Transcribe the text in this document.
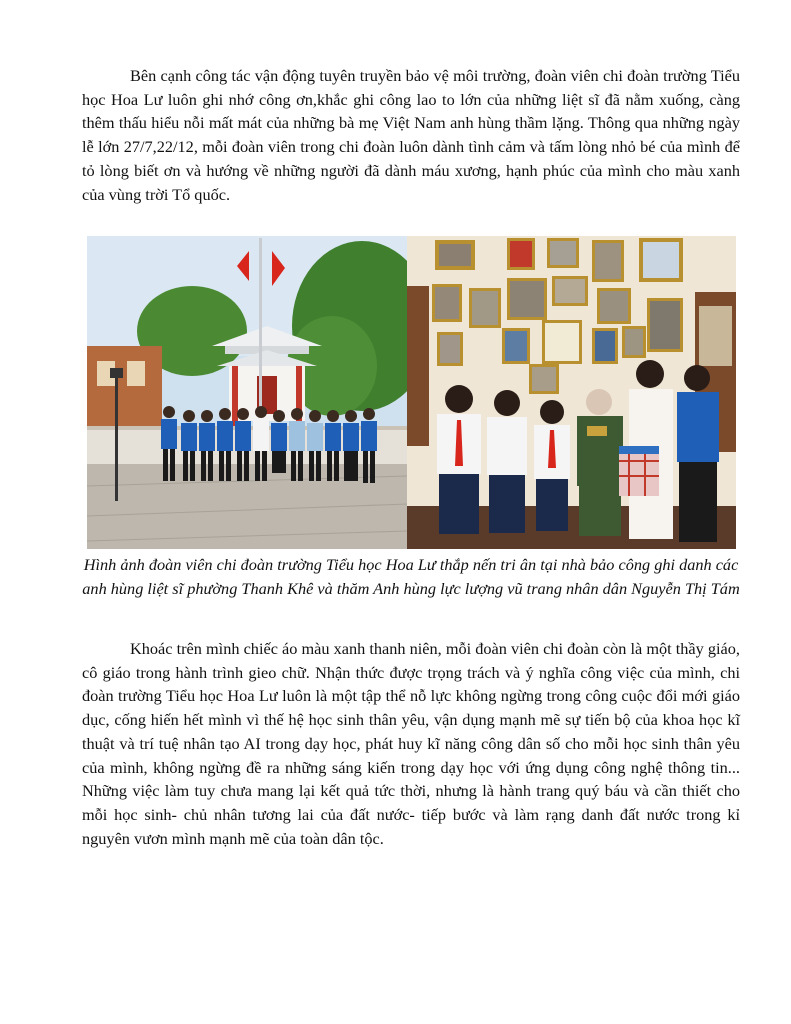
Bên cạnh công tác vận động tuyên truyền bảo vệ môi trường, đoàn viên chi đoàn trường Tiểu học Hoa Lư luôn ghi nhớ công ơn,khắc ghi công lao to lớn của những liệt sĩ đã nằm xuống, càng thêm thấu hiểu nỗi mất mát của những bà mẹ Việt Nam anh hùng thầm lặng. Thông qua những ngày lễ lớn 27/7,22/12, mỗi đoàn viên trong chi đoàn luôn dành tình cảm và tấm lòng nhỏ bé của mình để tỏ lòng biết ơn và hướng về những người đã dành máu xương, hạnh phúc của mình cho màu xanh của vùng trời Tổ quốc.

Hình ảnh đoàn viên chi đoàn trường Tiểu học Hoa Lư thắp nến tri ân tại nhà bảo công ghi danh các anh hùng liệt sĩ phường Thanh Khê và thăm Anh hùng lực lượng vũ trang nhân dân Nguyễn Thị Tám

Khoác trên mình chiếc áo màu xanh thanh niên, mỗi đoàn viên chi đoàn còn là một thầy giáo, cô giáo trong hành trình gieo chữ. Nhận thức được trọng trách và ý nghĩa công việc của mình, chi đoàn trường Tiểu học Hoa Lư luôn là một tập thể nỗ lực không ngừng trong công cuộc đổi mới giáo dục, cống hiến hết mình vì thế hệ học sinh thân yêu, vận dụng mạnh mẽ sự tiến bộ của khoa học kĩ thuật và trí tuệ nhân tạo AI trong dạy học, phát huy kĩ năng công dân số cho mỗi học sinh thân yêu của mình, không ngừng đề ra những sáng kiến trong dạy học với ứng dụng công nghệ thông tin... Những việc làm tuy chưa mang lại kết quả tức thời, nhưng là hành trang quý báu và cần thiết cho mỗi học sinh- chủ nhân tương lai của đất nước- tiếp bước và làm rạng danh đất nước trong kỉ nguyên vươn mình mạnh mẽ của toàn dân tộc.
